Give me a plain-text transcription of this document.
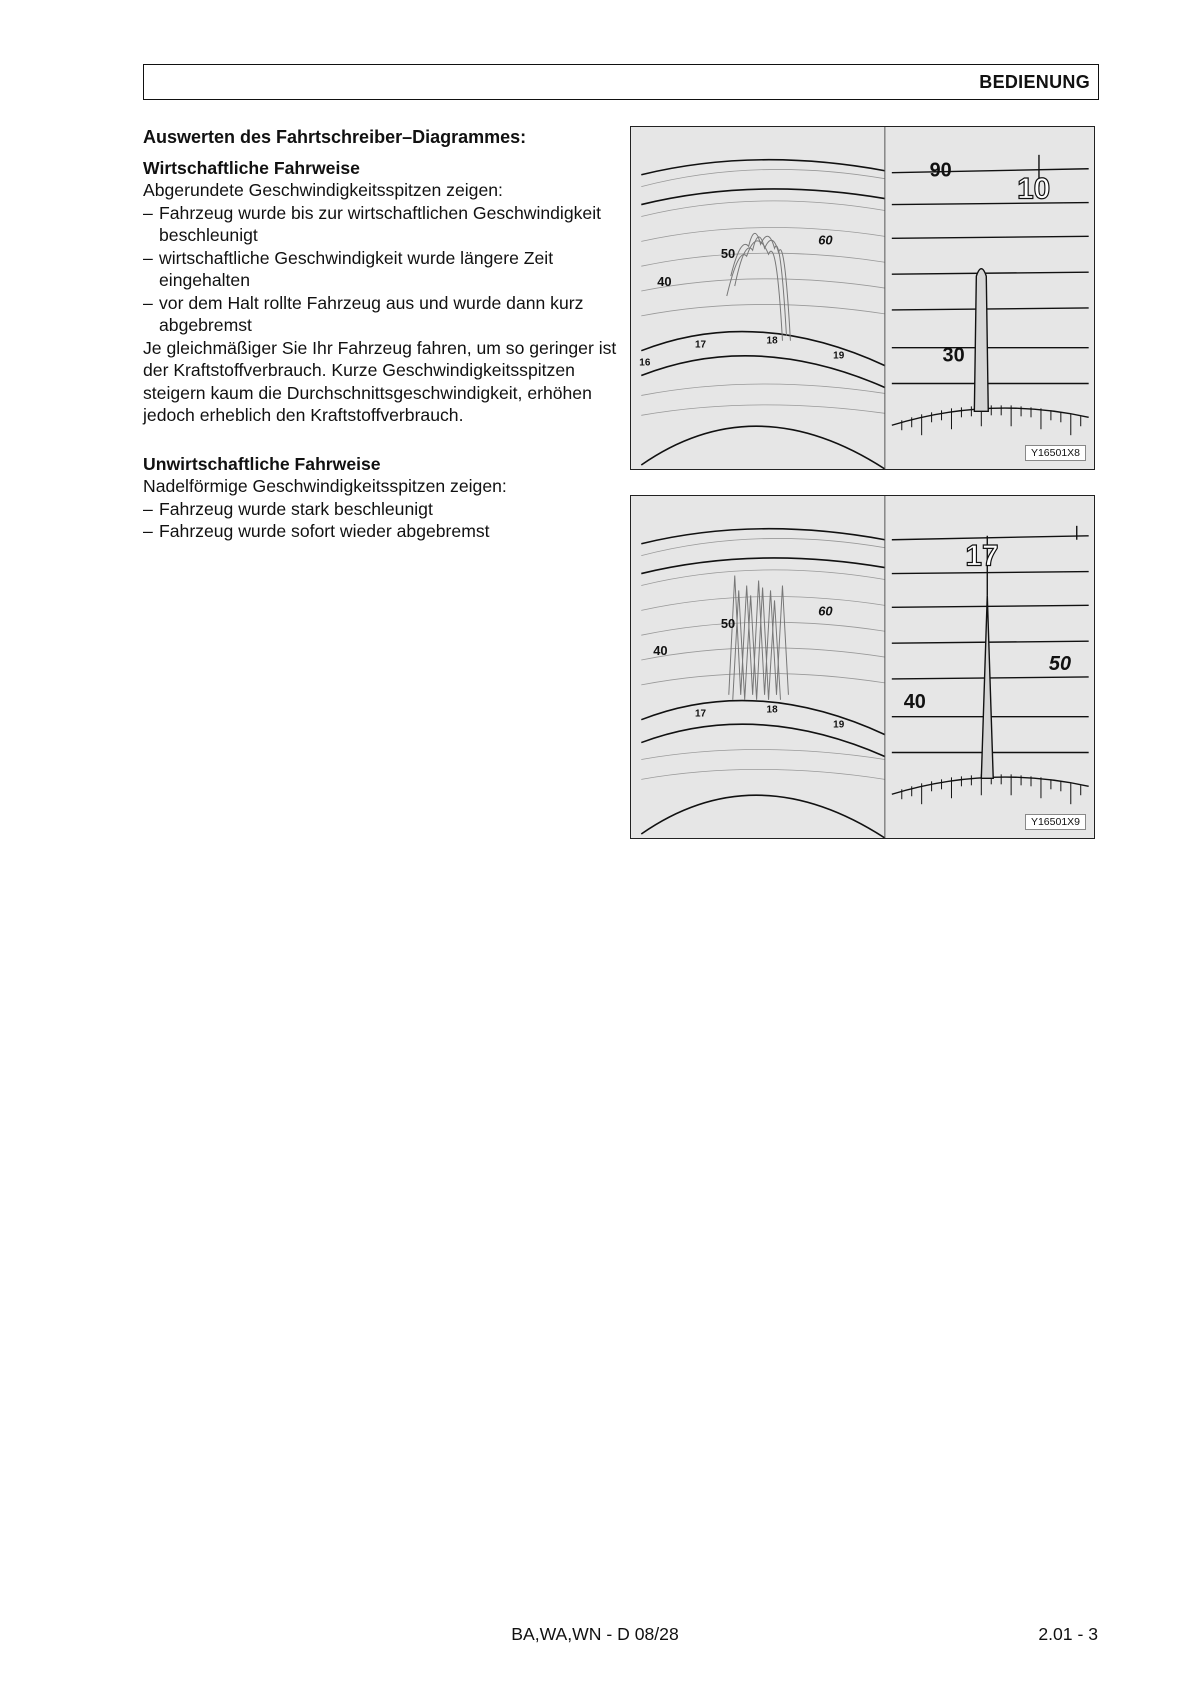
BEDIENUNG

Auswerten des Fahrtschreiber–Diagrammes:

Wirtschaftliche Fahrweise

Abgerundete Geschwindigkeitsspitzen zeigen:

– Fahrzeug wurde bis zur wirtschaftlichen Geschwindigkeit beschleunigt
– wirtschaftliche Geschwindigkeit wurde längere Zeit eingehalten
– vor dem Halt rollte Fahrzeug aus und wurde dann kurz abgebremst

Je gleichmäßiger Sie Ihr Fahrzeug fahren, um so geringer ist der Kraftstoffverbrauch. Kurze Geschwindigkeitsspitzen steigern kaum die Durchschnittsgeschwindigkeit, erhöhen jedoch erheblich den Kraftstoffverbrauch.

Unwirtschaftliche Fahrweise

Nadelförmige Geschwindigkeitsspitzen zeigen:

– Fahrzeug wurde stark beschleunigt
– Fahrzeug wurde sofort wieder abgebremst
40
50
60
16
17	18
19
90
10
30
Y16501X8
40
50
60
17	18
19
17
50
40
Y16501X9
BA,WA,WN - D 08/28	2.01 - 3
